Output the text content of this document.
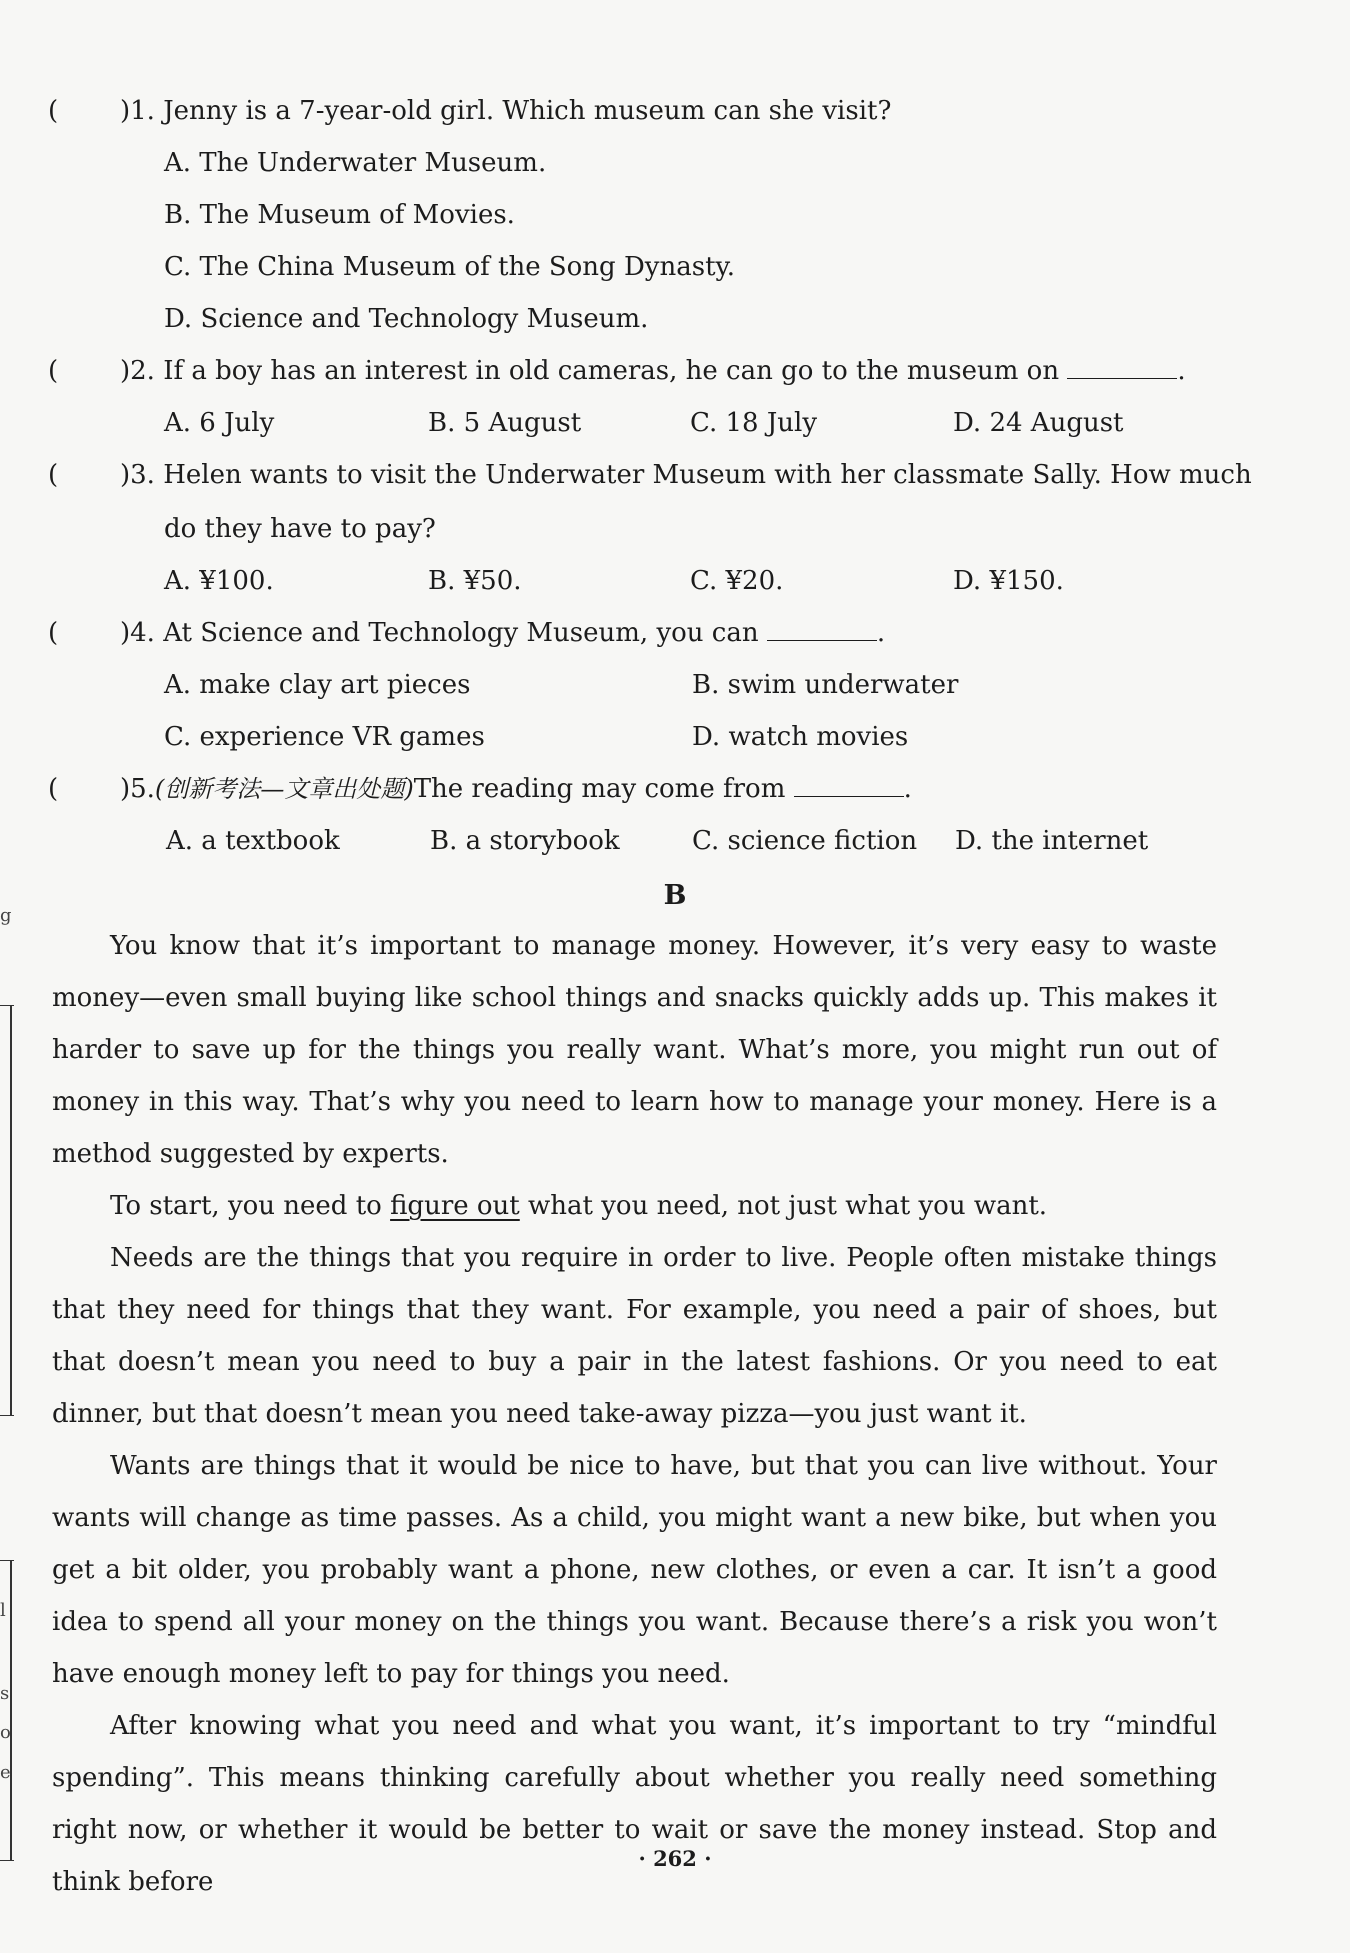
g
l
s
o
e
( )1. Jenny is a 7-year-old girl. Which museum can she visit?
A. The Underwater Museum.
B. The Museum of Movies.
C. The China Museum of the Song Dynasty.
D. Science and Technology Museum.
( )2. If a boy has an interest in old cameras, he can go to the museum on	.
A. 6 July	B. 5 August	C. 18 July	D. 24 August
( )3. Helen wants to visit the Underwater Museum with her classmate Sally. How much
do they have to pay?
A. ¥100.	B. ¥50.	C. ¥20.	D. ¥150.
( )4. At Science and Technology Museum, you can	.
A. make clay art pieces	B. swim underwater
C. experience VR games	D. watch movies
( )5.(创新考法—文章出处题)The reading may come from	.
A. a textbook	B. a storybook	C. science fiction D. the internet
B
You know that it’s important to manage money. However, it’s very easy to waste money—even small buying like school things and snacks quickly adds up. This makes it harder to save up for the things you really want. What’s more, you might run out of money in this way. That’s why you need to learn how to manage your money. Here is a method suggested by experts.
To start, you need to figure out what you need, not just what you want.
Needs are the things that you require in order to live. People often mistake things that they need for things that they want. For example, you need a pair of shoes, but that doesn’t mean you need to buy a pair in the latest fashions. Or you need to eat dinner, but that doesn’t mean you need take-away pizza—you just want it.
Wants are things that it would be nice to have, but that you can live without. Your wants will change as time passes. As a child, you might want a new bike, but when you get a bit older, you probably want a phone, new clothes, or even a car. It isn’t a good idea to spend all your money on the things you want. Because there’s a risk you won’t have enough money left to pay for things you need.
After knowing what you need and what you want, it’s important to try “mindful spending”. This means thinking carefully about whether you really need something right now, or whether it would be better to wait or save the money instead. Stop and think before
· 262 ·
